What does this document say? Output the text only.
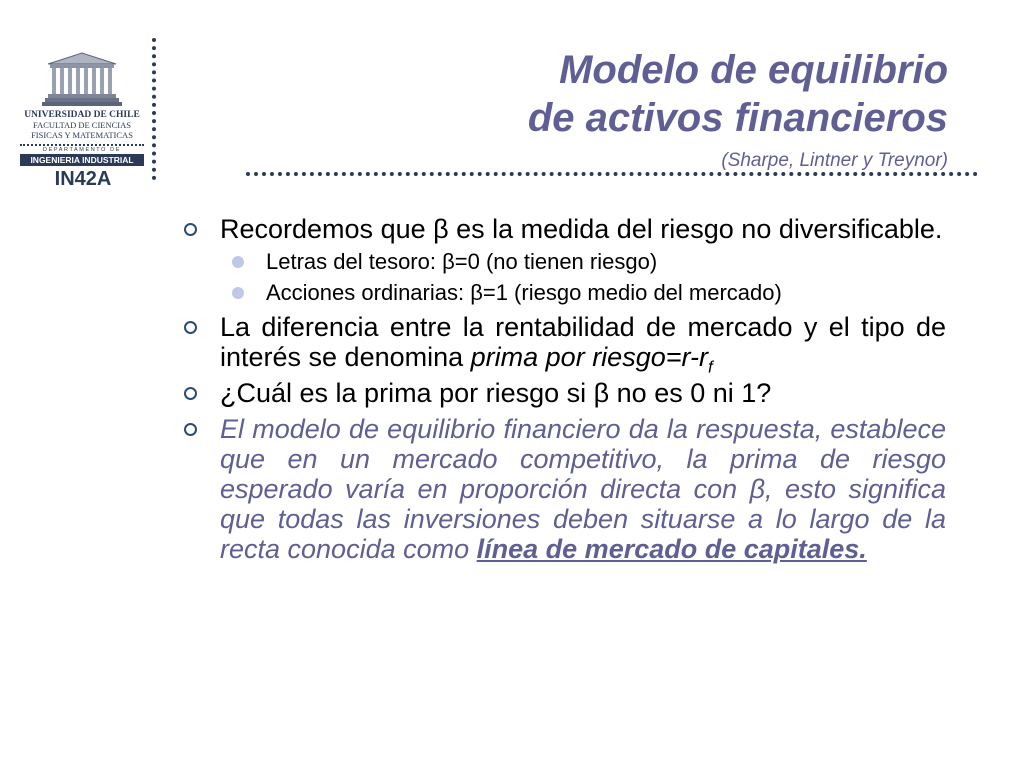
UNIVERSIDAD DE CHILE
FACULTAD DE CIENCIAS
FISICAS Y MATEMATICAS
DEPARTAMENTO DE
INGENIERIA INDUSTRIAL
IN42A
Modelo de equilibrio
de activos financieros
(Sharpe, Lintner y Treynor)
Recordemos que β es la medida del riesgo no diversificable.
Letras del tesoro: β=0 (no tienen riesgo)
Acciones ordinarias: β=1 (riesgo medio del mercado)
La diferencia entre la rentabilidad de mercado y el tipo de interés se denomina prima por $riesgo=r-r_f$
¿Cuál es la prima por riesgo si β no es 0 ni 1?
El modelo de equilibrio financiero da la respuesta, establece que en un mercado competitivo, la prima de riesgo esperado varía en proporción directa con β, esto significa que todas las inversiones deben situarse a lo largo de la recta conocida como línea de mercado de capitales.
